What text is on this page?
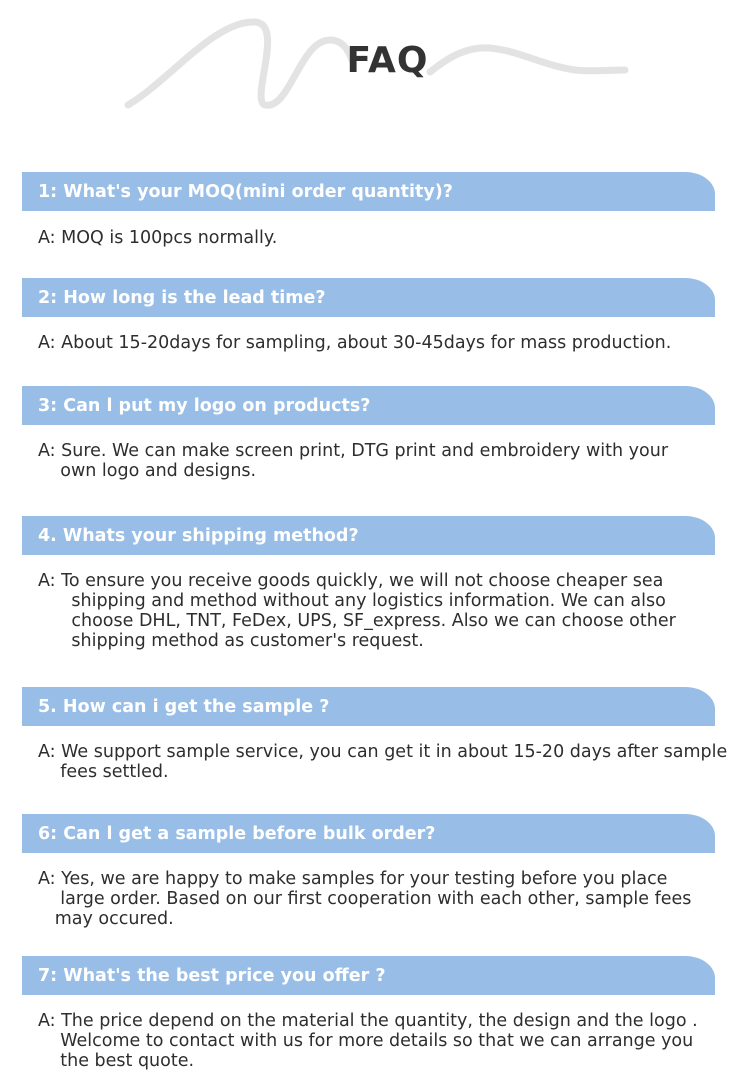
FAQ
1: What's your MOQ(mini order quantity)?
A: MOQ is 100pcs normally.
2: How long is the lead time?
A: About 15-20days for sampling, about 30-45days for mass production.
3: Can l put my logo on products?
A: Sure. We can make screen print, DTG print and embroidery with your
own logo and designs.
4. Whats your shipping method?
A: To ensure you receive goods quickly, we will not choose cheaper sea
shipping and method without any logistics information. We can also
choose DHL, TNT, FeDex, UPS, SF_express. Also we can choose other
shipping method as customer's request.
5. How can i get the sample ?
A: We support sample service, you can get it in about 15-20 days after sample
fees settled.
6: Can l get a sample before bulk order?
A: Yes, we are happy to make samples for your testing before you place
large order. Based on our first cooperation with each other, sample fees
may occured.
7: What's the best price you offer ?
A: The price depend on the material the quantity, the design and the logo .
Welcome to contact with us for more details so that we can arrange you
the best quote.
